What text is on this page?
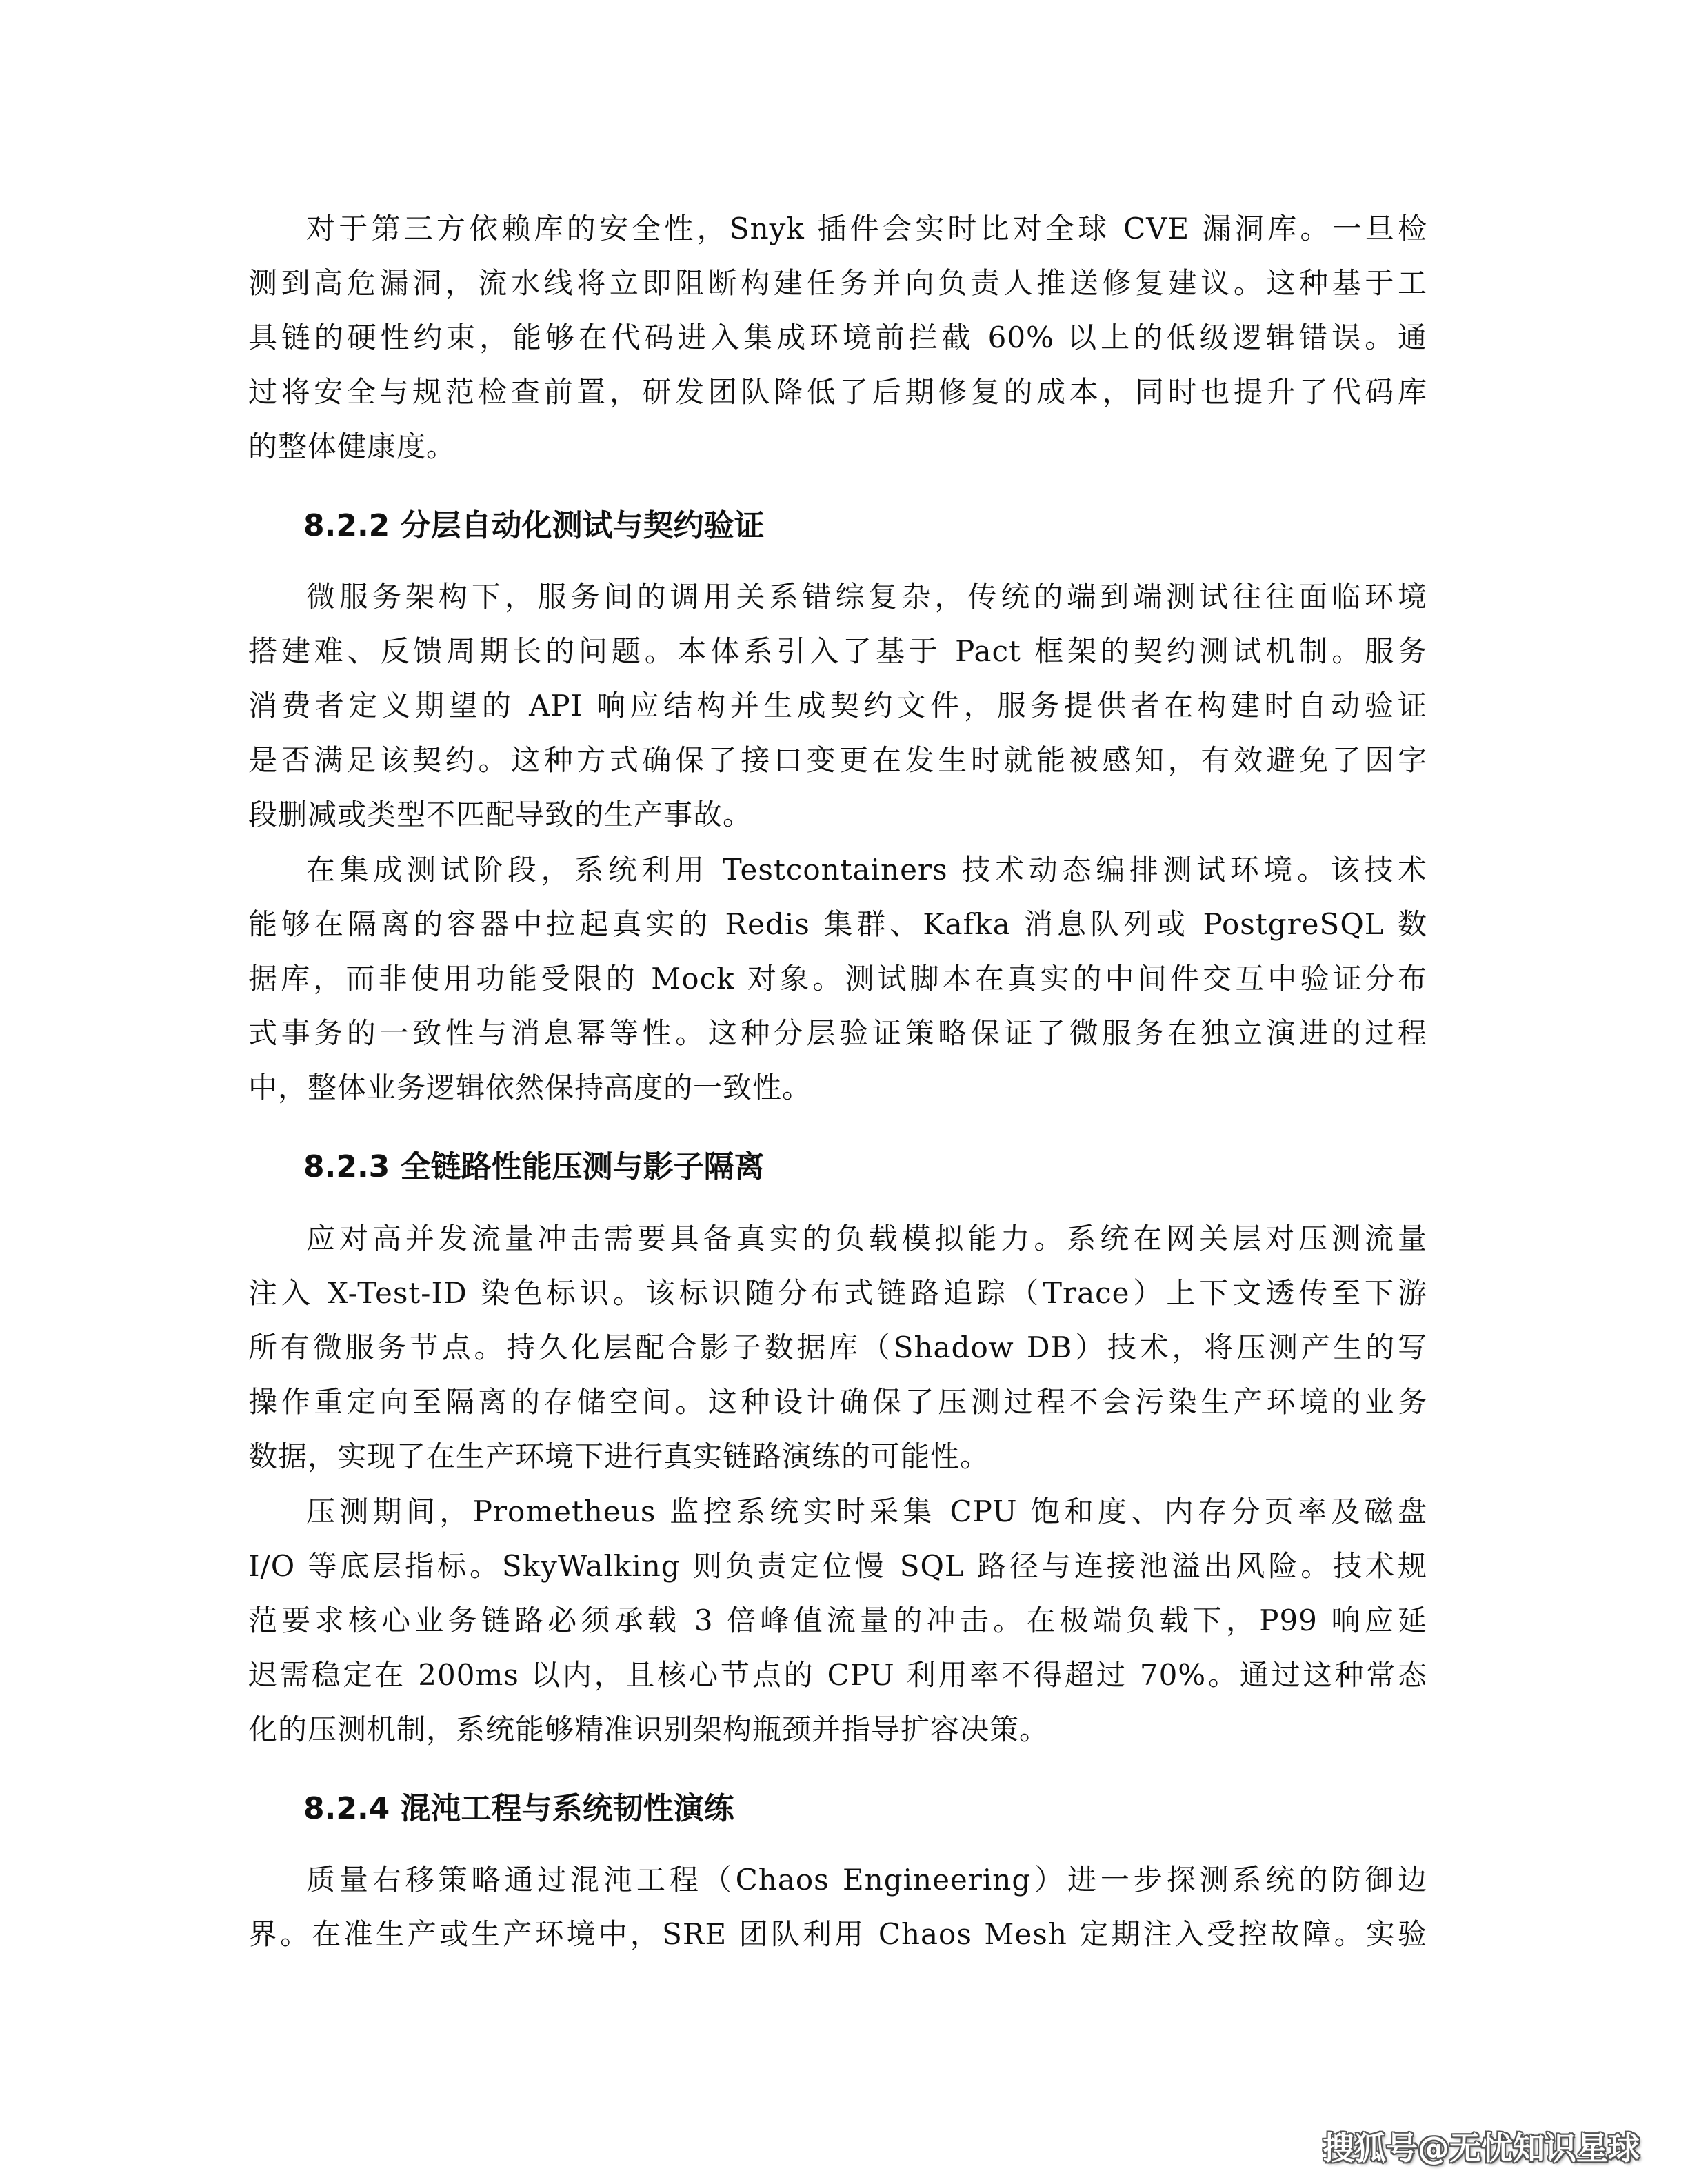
对于第三方依赖库的安全性，Snyk 插件会实时比对全球 CVE 漏洞库。一旦检
测到高危漏洞，流水线将立即阻断构建任务并向负责人推送修复建议。这种基于工
具链的硬性约束，能够在代码进入集成环境前拦截 60% 以上的低级逻辑错误。通
过将安全与规范检查前置，研发团队降低了后期修复的成本，同时也提升了代码库
的整体健康度。
8.2.2 分层自动化测试与契约验证
微服务架构下，服务间的调用关系错综复杂，传统的端到端测试往往面临环境
搭建难、反馈周期长的问题。本体系引入了基于 Pact 框架的契约测试机制。服务
消费者定义期望的 API 响应结构并生成契约文件，服务提供者在构建时自动验证
是否满足该契约。这种方式确保了接口变更在发生时就能被感知，有效避免了因字
段删减或类型不匹配导致的生产事故。
在集成测试阶段，系统利用 Testcontainers 技术动态编排测试环境。该技术
能够在隔离的容器中拉起真实的 Redis 集群、Kafka 消息队列或 PostgreSQL 数
据库，而非使用功能受限的 Mock 对象。测试脚本在真实的中间件交互中验证分布
式事务的一致性与消息幂等性。这种分层验证策略保证了微服务在独立演进的过程
中，整体业务逻辑依然保持高度的一致性。
8.2.3 全链路性能压测与影子隔离
应对高并发流量冲击需要具备真实的负载模拟能力。系统在网关层对压测流量
注入 X-Test-ID 染色标识。该标识随分布式链路追踪（Trace）上下文透传至下游
所有微服务节点。持久化层配合影子数据库（Shadow DB）技术，将压测产生的写
操作重定向至隔离的存储空间。这种设计确保了压测过程不会污染生产环境的业务
数据，实现了在生产环境下进行真实链路演练的可能性。
压测期间，Prometheus 监控系统实时采集 CPU 饱和度、内存分页率及磁盘
I/O 等底层指标。SkyWalking 则负责定位慢 SQL 路径与连接池溢出风险。技术规
范要求核心业务链路必须承载 3 倍峰值流量的冲击。在极端负载下，P99 响应延
迟需稳定在 200ms 以内，且核心节点的 CPU 利用率不得超过 70%。通过这种常态
化的压测机制，系统能够精准识别架构瓶颈并指导扩容决策。
8.2.4 混沌工程与系统韧性演练
质量右移策略通过混沌工程（Chaos Engineering）进一步探测系统的防御边
界。在准生产或生产环境中，SRE 团队利用 Chaos Mesh 定期注入受控故障。实验
搜狐号@无忧知识星球
